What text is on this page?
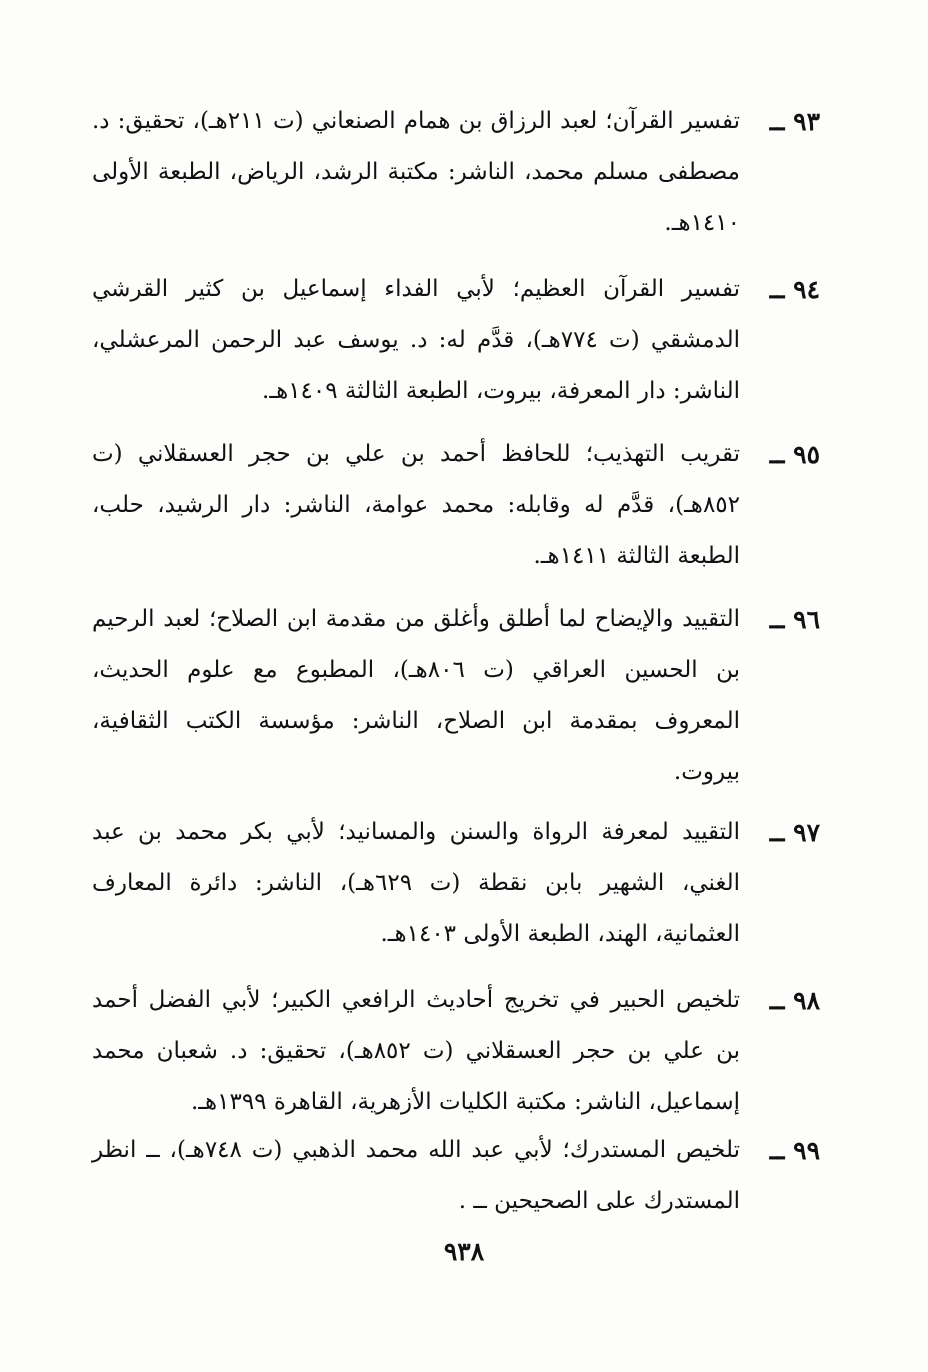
٩٣ ــ
تفسير القرآن؛ لعبد الرزاق بن همام الصنعاني (ت ٢١١هـ)، تحقيق: د. مصطفى مسلم محمد، الناشر: مكتبة الرشد، الرياض، الطبعة الأولى ١٤١٠هـ.
٩٤ ــ
تفسير القرآن العظيم؛ لأبي الفداء إسماعيل بن كثير القرشي الدمشقي (ت ٧٧٤هـ)، قدَّم له: د. يوسف عبد الرحمن المرعشلي، الناشر: دار المعرفة، بيروت، الطبعة الثالثة ١٤٠٩هـ.
٩٥ ــ
تقريب التهذيب؛ للحافظ أحمد بن علي بن حجر العسقلاني (ت ٨٥٢هـ)، قدَّم له وقابله: محمد عوامة، الناشر: دار الرشيد، حلب، الطبعة الثالثة ١٤١١هـ.
٩٦ ــ
التقييد والإيضاح لما أطلق وأغلق من مقدمة ابن الصلاح؛ لعبد الرحيم بن الحسين العراقي (ت ٨٠٦هـ)، المطبوع مع علوم الحديث، المعروف بمقدمة ابن الصلاح، الناشر: مؤسسة الكتب الثقافية، بيروت.
٩٧ ــ
التقييد لمعرفة الرواة والسنن والمسانيد؛ لأبي بكر محمد بن عبد الغني، الشهير بابن نقطة (ت ٦٢٩هـ)، الناشر: دائرة المعارف العثمانية، الهند، الطبعة الأولى ١٤٠٣هـ.
٩٨ ــ
تلخيص الحبير في تخريج أحاديث الرافعي الكبير؛ لأبي الفضل أحمد بن علي بن حجر العسقلاني (ت ٨٥٢هـ)، تحقيق: د. شعبان محمد إسماعيل، الناشر: مكتبة الكليات الأزهرية، القاهرة ١٣٩٩هـ.
٩٩ ــ
تلخيص المستدرك؛ لأبي عبد الله محمد الذهبي (ت ٧٤٨هـ)، ــ انظر المستدرك على الصحيحين ــ .
٩٣٨
